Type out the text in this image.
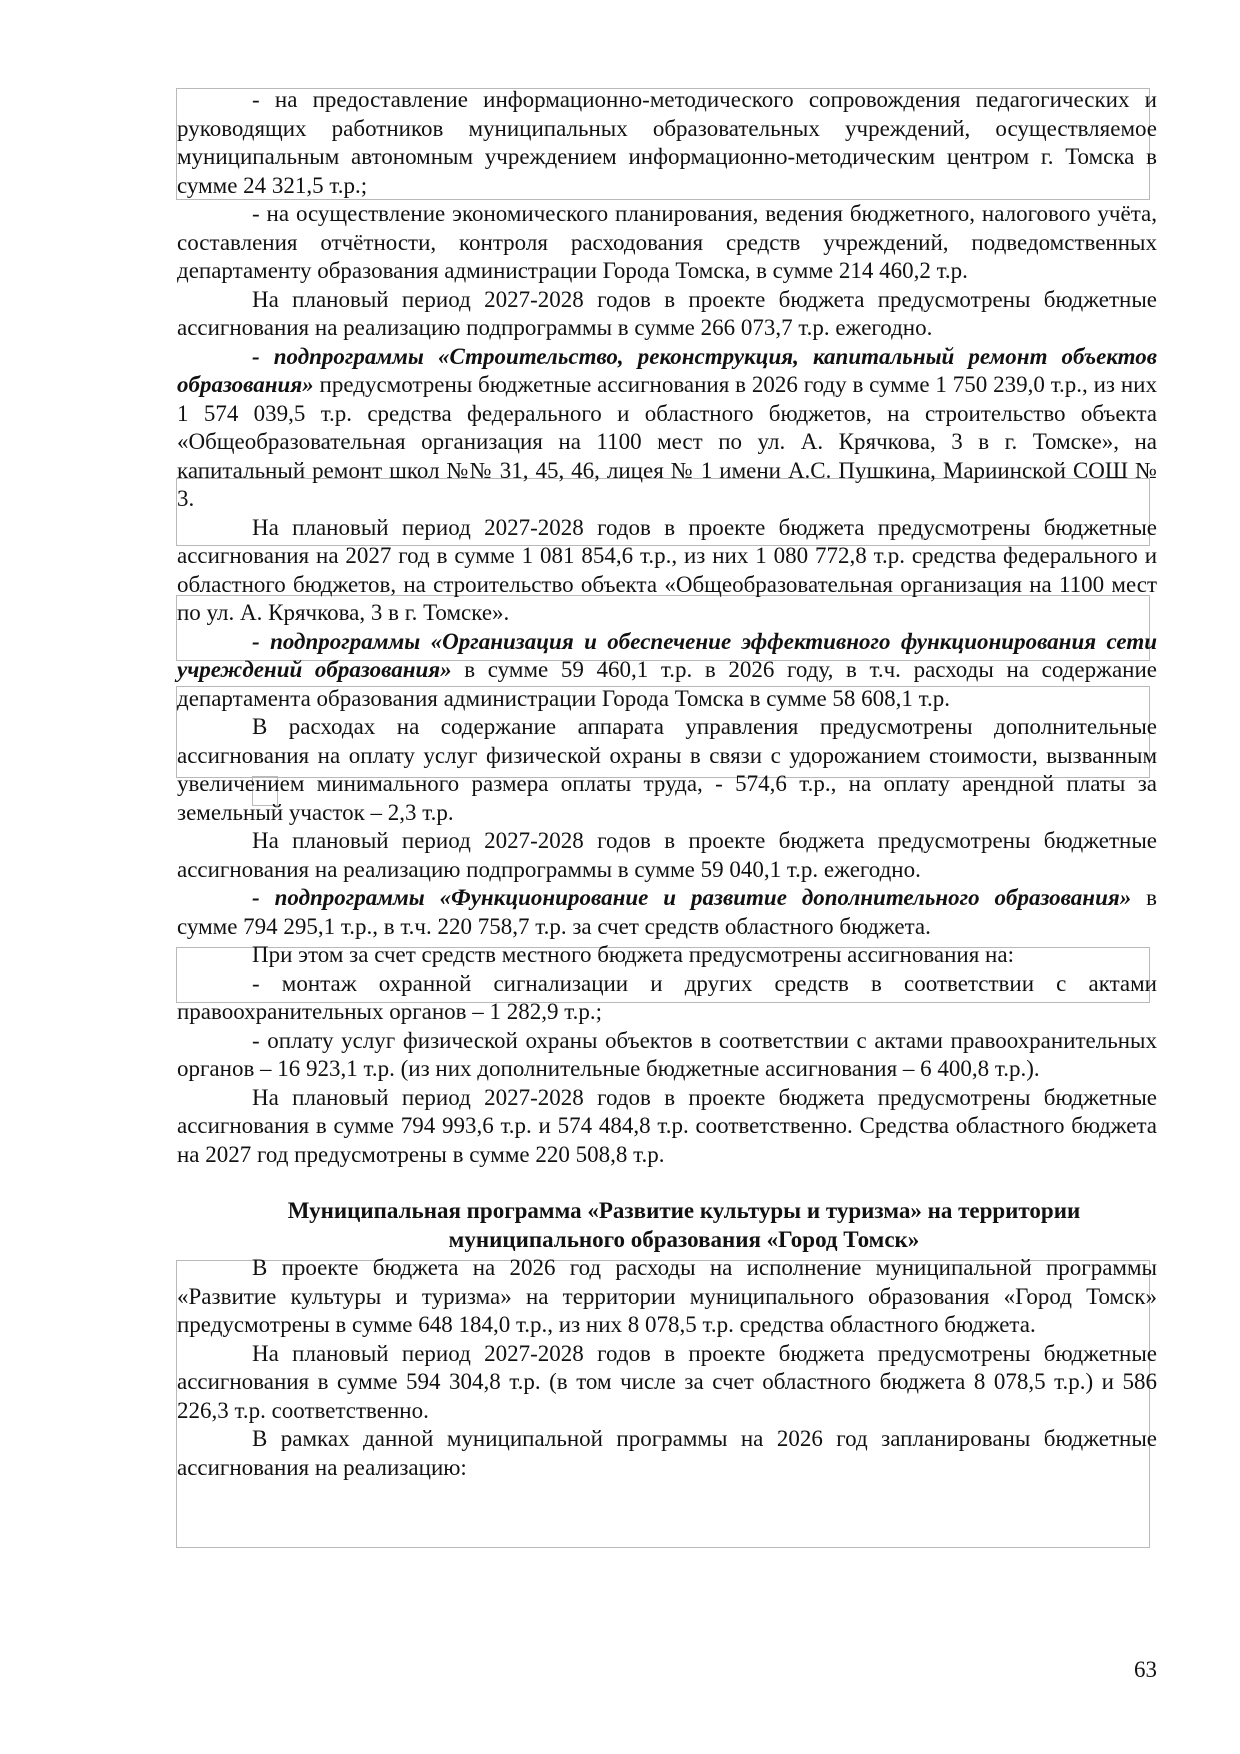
- на предоставление информационно-методического сопровождения педагогических и руководящих работников муниципальных образовательных учреждений, осуществляемое муниципальным автономным учреждением информационно-методическим центром г. Томска в сумме 24 321,5 т.р.;

- на осуществление экономического планирования, ведения бюджетного, налогового учёта, составления отчётности, контроля расходования средств учреждений, подведомственных департаменту образования администрации Города Томска, в сумме 214 460,2 т.р.

На плановый период 2027-2028 годов в проекте бюджета предусмотрены бюджетные ассигнования на реализацию подпрограммы в сумме 266 073,7 т.р. ежегодно.

- подпрограммы «Строительство, реконструкция, капитальный ремонт объектов образования» предусмотрены бюджетные ассигнования в 2026 году в сумме 1 750 239,0 т.р., из них 1 574 039,5 т.р. средства федерального и областного бюджетов, на строительство объекта «Общеобразовательная организация на 1100 мест по ул. А. Крячкова, 3 в г. Томске», на капитальный ремонт школ №№ 31, 45, 46, лицея № 1 имени А.С. Пушкина, Мариинской СОШ № 3.

На плановый период 2027-2028 годов в проекте бюджета предусмотрены бюджетные ассигнования на 2027 год в сумме 1 081 854,6 т.р., из них 1 080 772,8 т.р. средства федерального и областного бюджетов, на строительство объекта «Общеобразовательная организация на 1100 мест по ул. А. Крячкова, 3 в г. Томске».

- подпрограммы «Организация и обеспечение эффективного функционирования сети учреждений образования» в сумме 59 460,1 т.р. в 2026 году, в т.ч. расходы на содержание департамента образования администрации Города Томска в сумме 58 608,1 т.р.

В расходах на содержание аппарата управления предусмотрены дополнительные ассигнования на оплату услуг физической охраны в связи с удорожанием стоимости, вызванным увеличением минимального размера оплаты труда, - 574,6 т.р., на оплату арендной платы за земельный участок – 2,3 т.р.

На плановый период 2027-2028 годов в проекте бюджета предусмотрены бюджетные ассигнования на реализацию подпрограммы в сумме 59 040,1 т.р. ежегодно.

- подпрограммы «Функционирование и развитие дополнительного образования» в сумме 794 295,1 т.р., в т.ч. 220 758,7 т.р. за счет средств областного бюджета.

При этом за счет средств местного бюджета предусмотрены ассигнования на:

- монтаж охранной сигнализации и других средств в соответствии с актами правоохранительных органов – 1 282,9 т.р.;

- оплату услуг физической охраны объектов в соответствии с актами правоохранительных органов – 16 923,1 т.р. (из них дополнительные бюджетные ассигнования – 6 400,8 т.р.).

На плановый период 2027-2028 годов в проекте бюджета предусмотрены бюджетные ассигнования в сумме 794 993,6 т.р. и 574 484,8 т.р. соответственно. Средства областного бюджета на 2027 год предусмотрены в сумме 220 508,8 т.р.

Муниципальная программа «Развитие культуры и туризма» на территории муниципального образования «Город Томск»

В проекте бюджета на 2026 год расходы на исполнение муниципальной программы «Развитие культуры и туризма» на территории муниципального образования «Город Томск» предусмотрены в сумме 648 184,0 т.р., из них 8 078,5 т.р. средства областного бюджета.

На плановый период 2027-2028 годов в проекте бюджета предусмотрены бюджетные ассигнования в сумме 594 304,8 т.р. (в том числе за счет областного бюджета 8 078,5 т.р.) и 586 226,3 т.р. соответственно.

В рамках данной муниципальной программы на 2026 год запланированы бюджетные ассигнования на реализацию:

63
